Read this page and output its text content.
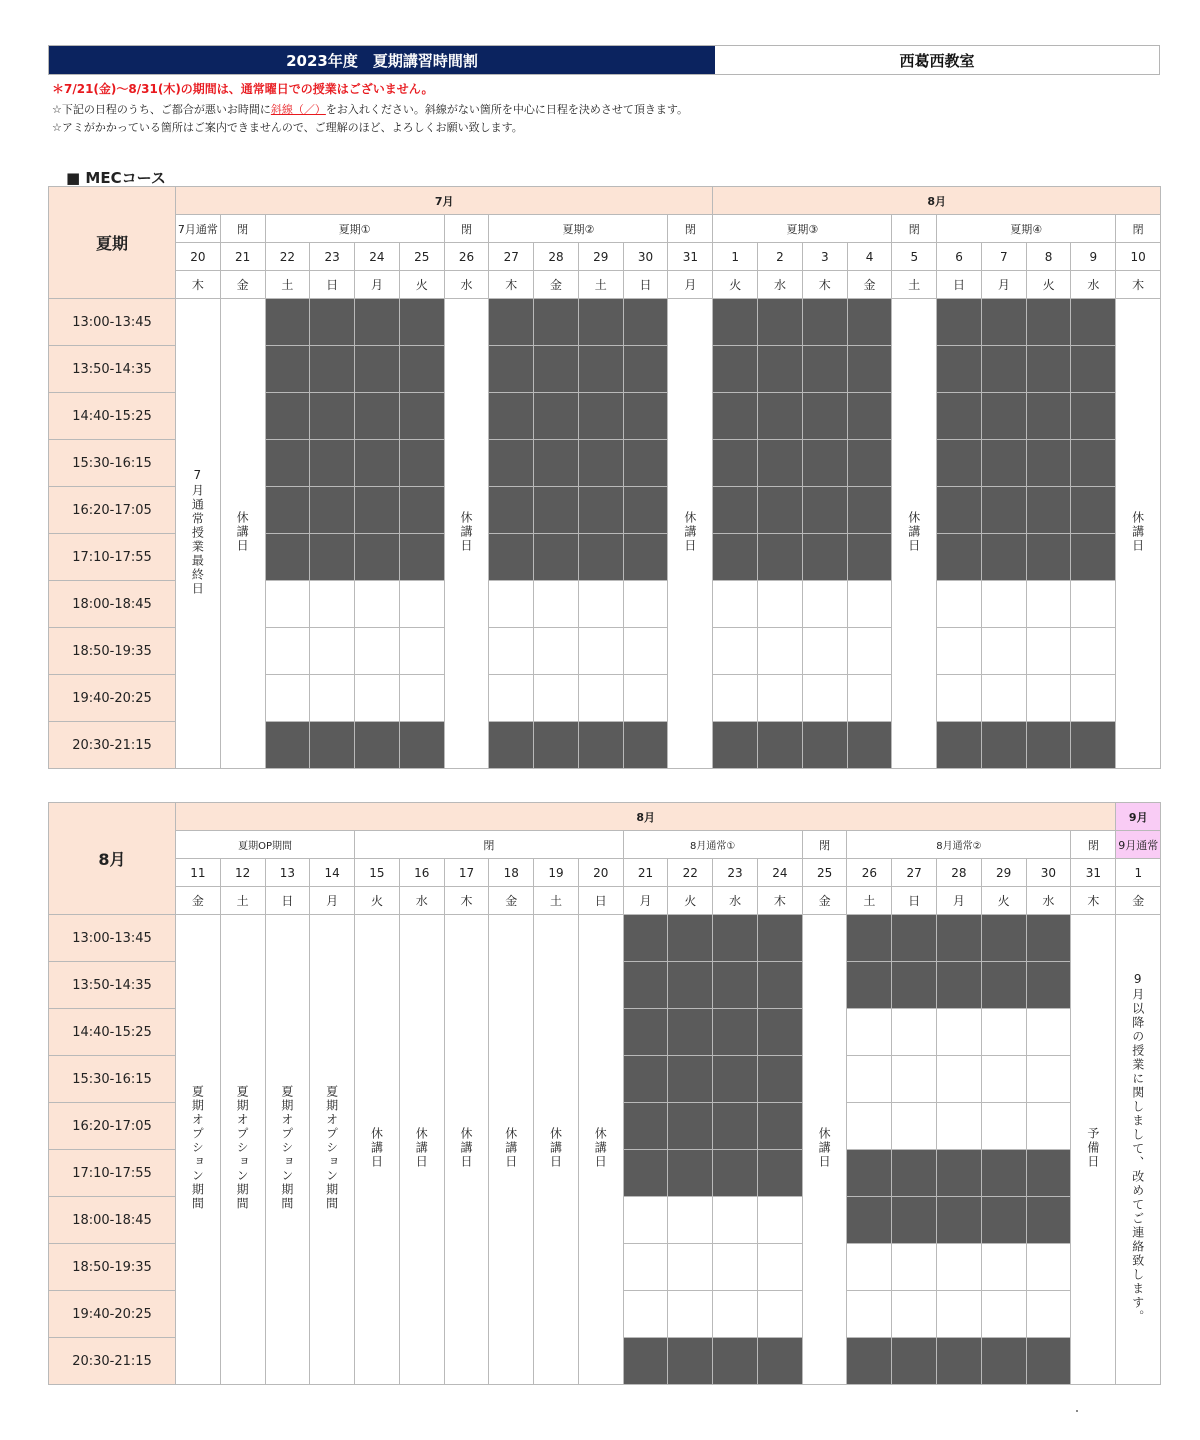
2023年度　夏期講習時間割	西葛西教室
＊7/21(金)～8/31(木)の期間は、通常曜日での授業はございません。
☆下記の日程のうち、ご都合が悪いお時間に斜線（／）をお入れください。斜線がない箇所を中心に日程を決めさせて頂きます。
☆アミがかかっている箇所はご案内できませんので、ご理解のほど、よろしくお願い致します。
■ MECコース
夏期	7月												8月									
	7月通常	閉	夏期①				閉	夏期②				閉	夏期③				閉	夏期④				閉
	20	21	22	23	24	25	26	27	28	29	30	31	1	2	3	4	5	6	7	8	9	10
	木	金	土	日	月	火	水	木	金	土	日	月	火	水	木	金	土	日	月	火	水	木
13:00-13:45	7月通常授業最終日	休講日					休講日					休講日					休講日					休講日
13:50-14:35																						
14:40-15:25																						
15:30-16:15																						
16:20-17:05																						
17:10-17:55																						
18:00-18:45																						
18:50-19:35																						
19:40-20:25																						
20:30-21:15																						
8月	8月																					9月
	夏期OP期間				閉						8月通常①				閉	8月通常②					閉	9月通常
	11	12	13	14	15	16	17	18	19	20	21	22	23	24	25	26	27	28	29	30	31	1
	金	土	日	月	火	水	木	金	土	日	月	火	水	木	金	土	日	月	火	水	木	金
13:00-13:45	夏期オプション期間	夏期オプション期間	夏期オプション期間	夏期オプション期間	休講日	休講日	休講日	休講日	休講日	休講日					休講日						予備日	9月以降の授業に関しまして、改めてご連絡致します。
13:50-14:35																						
14:40-15:25																						
15:30-16:15																						
16:20-17:05																						
17:10-17:55																						
18:00-18:45																						
18:50-19:35																						
19:40-20:25																						
20:30-21:15																						
